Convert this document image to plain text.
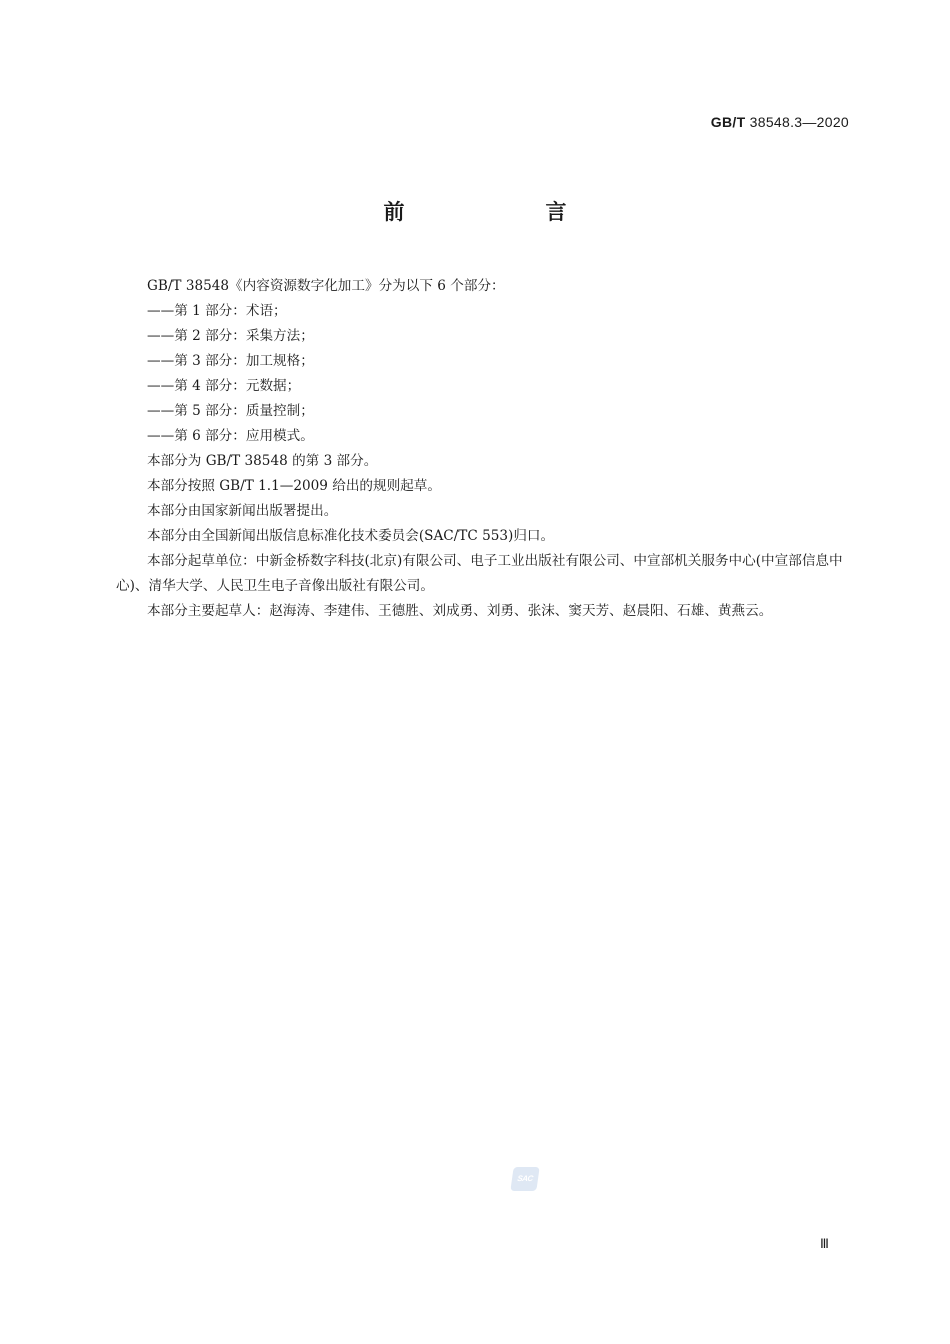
GB/T 38548.3—2020
前　言

GB/T 38548《内容资源数字化加工》分为以下 6 个部分：

——第 1 部分：术语；

——第 2 部分：采集方法；

——第 3 部分：加工规格；

——第 4 部分：元数据；

——第 5 部分：质量控制；

——第 6 部分：应用模式。

本部分为 GB/T 38548 的第 3 部分。

本部分按照 GB/T 1.1—2009 给出的规则起草。

本部分由国家新闻出版署提出。

本部分由全国新闻出版信息标准化技术委员会(SAC/TC 553)归口。

本部分起草单位：中新金桥数字科技(北京)有限公司、电子工业出版社有限公司、中宣部机关服务中心(中宣部信息中心)、清华大学、人民卫生电子音像出版社有限公司。

本部分主要起草人：赵海涛、李建伟、王德胜、刘成勇、刘勇、张沫、窦天芳、赵晨阳、石雄、黄燕云。

SAC
Ⅲ
